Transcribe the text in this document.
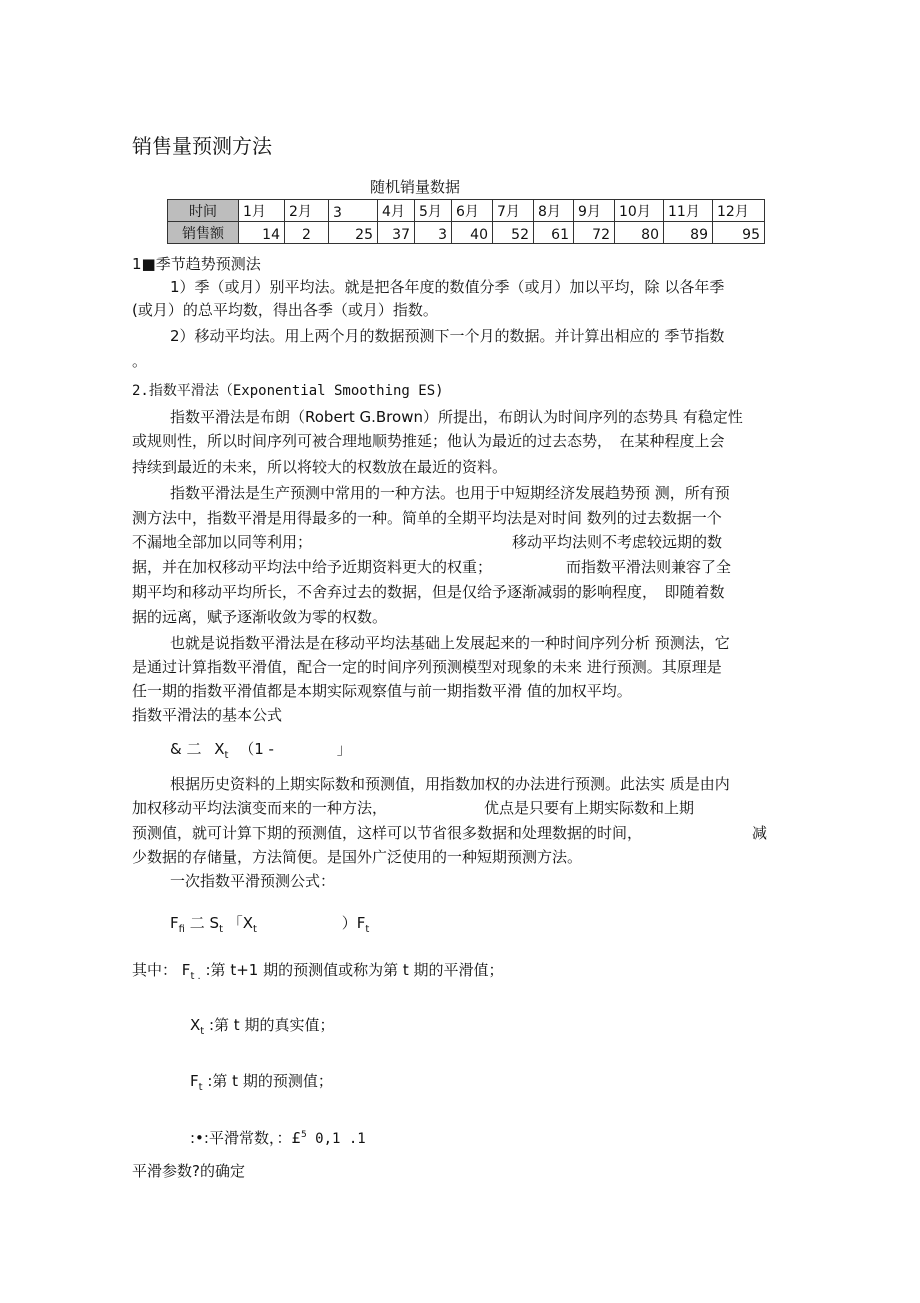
销售量预测方法
随机销量数据
时间	1月	2月	3	4月	5月	6月	7月	8月	9月	10月	11月	12月
销售额	14	2	25	37	3	40	52	61	72	80	89	95
1■季节趋势预测法
1）季（或月）别平均法。就是把各年度的数值分季（或月）加以平均，除 以各年季
(或月）的总平均数，得出各季（或月）指数。
2）移动平均法。用上两个月的数据预测下一个月的数据。并计算出相应的 季节指数
。
2.指数平滑法（Exponential Smoothing ES)
指数平滑法是布朗（Robert G.Brown）所提出，布朗认为时间序列的态势具 有稳定性
或规则性，所以时间序列可被合理地顺势推延；他认为最近的过去态势，　在某种程度上会
持续到最近的未来，所以将较大的权数放在最近的资料。
指数平滑法是生产预测中常用的一种方法。也用于中短期经济发展趋势预 测，所有预
测方法中，指数平滑是用得最多的一种。简单的全期平均法是对时间 数列的过去数据一个
不漏地全部加以同等利用；	移动平均法则不考虑较远期的数
据，并在加权移动平均法中给予近期资料更大的权重；	而指数平滑法则兼容了全
期平均和移动平均所长，不舍弃过去的数据，但是仅给予逐渐减弱的影响程度，　即随着数
据的远离，赋予逐渐收敛为零的权数。
也就是说指数平滑法是在移动平均法基础上发展起来的一种时间序列分析 预测法，它
是通过计算指数平滑值，配合一定的时间序列预测模型对现象的未来 进行预测。其原理是
任一期的指数平滑值都是本期实际观察值与前一期指数平滑 值的加权平均。
指数平滑法的基本公式
& 二 $X_t$ （1 -	」
根据历史资料的上期实际数和预测值，用指数加权的办法进行预测。此法实 质是由内
加权移动平均法演变而来的一种方法，	优点是只要有上期实际数和上期
预测值，就可计算下期的预测值，这样可以节省很多数据和处理数据的时间，	减
少数据的存储量，方法简便。是国外广泛使用的一种短期预测方法。
一次指数平滑预测公式：
$F_{fi}$ 二 $S_t$ 「$X_t$	）$F_t$
其中： $F_{t .}$ :第 t+1 期的预测值或称为第 t 期的平滑值；
$X_t$ :第 t 期的真实值；
$F_t$ :第 t 期的预测值；
:•:平滑常数，：£$^5$ 0,1 .1
平滑参数?的确定
